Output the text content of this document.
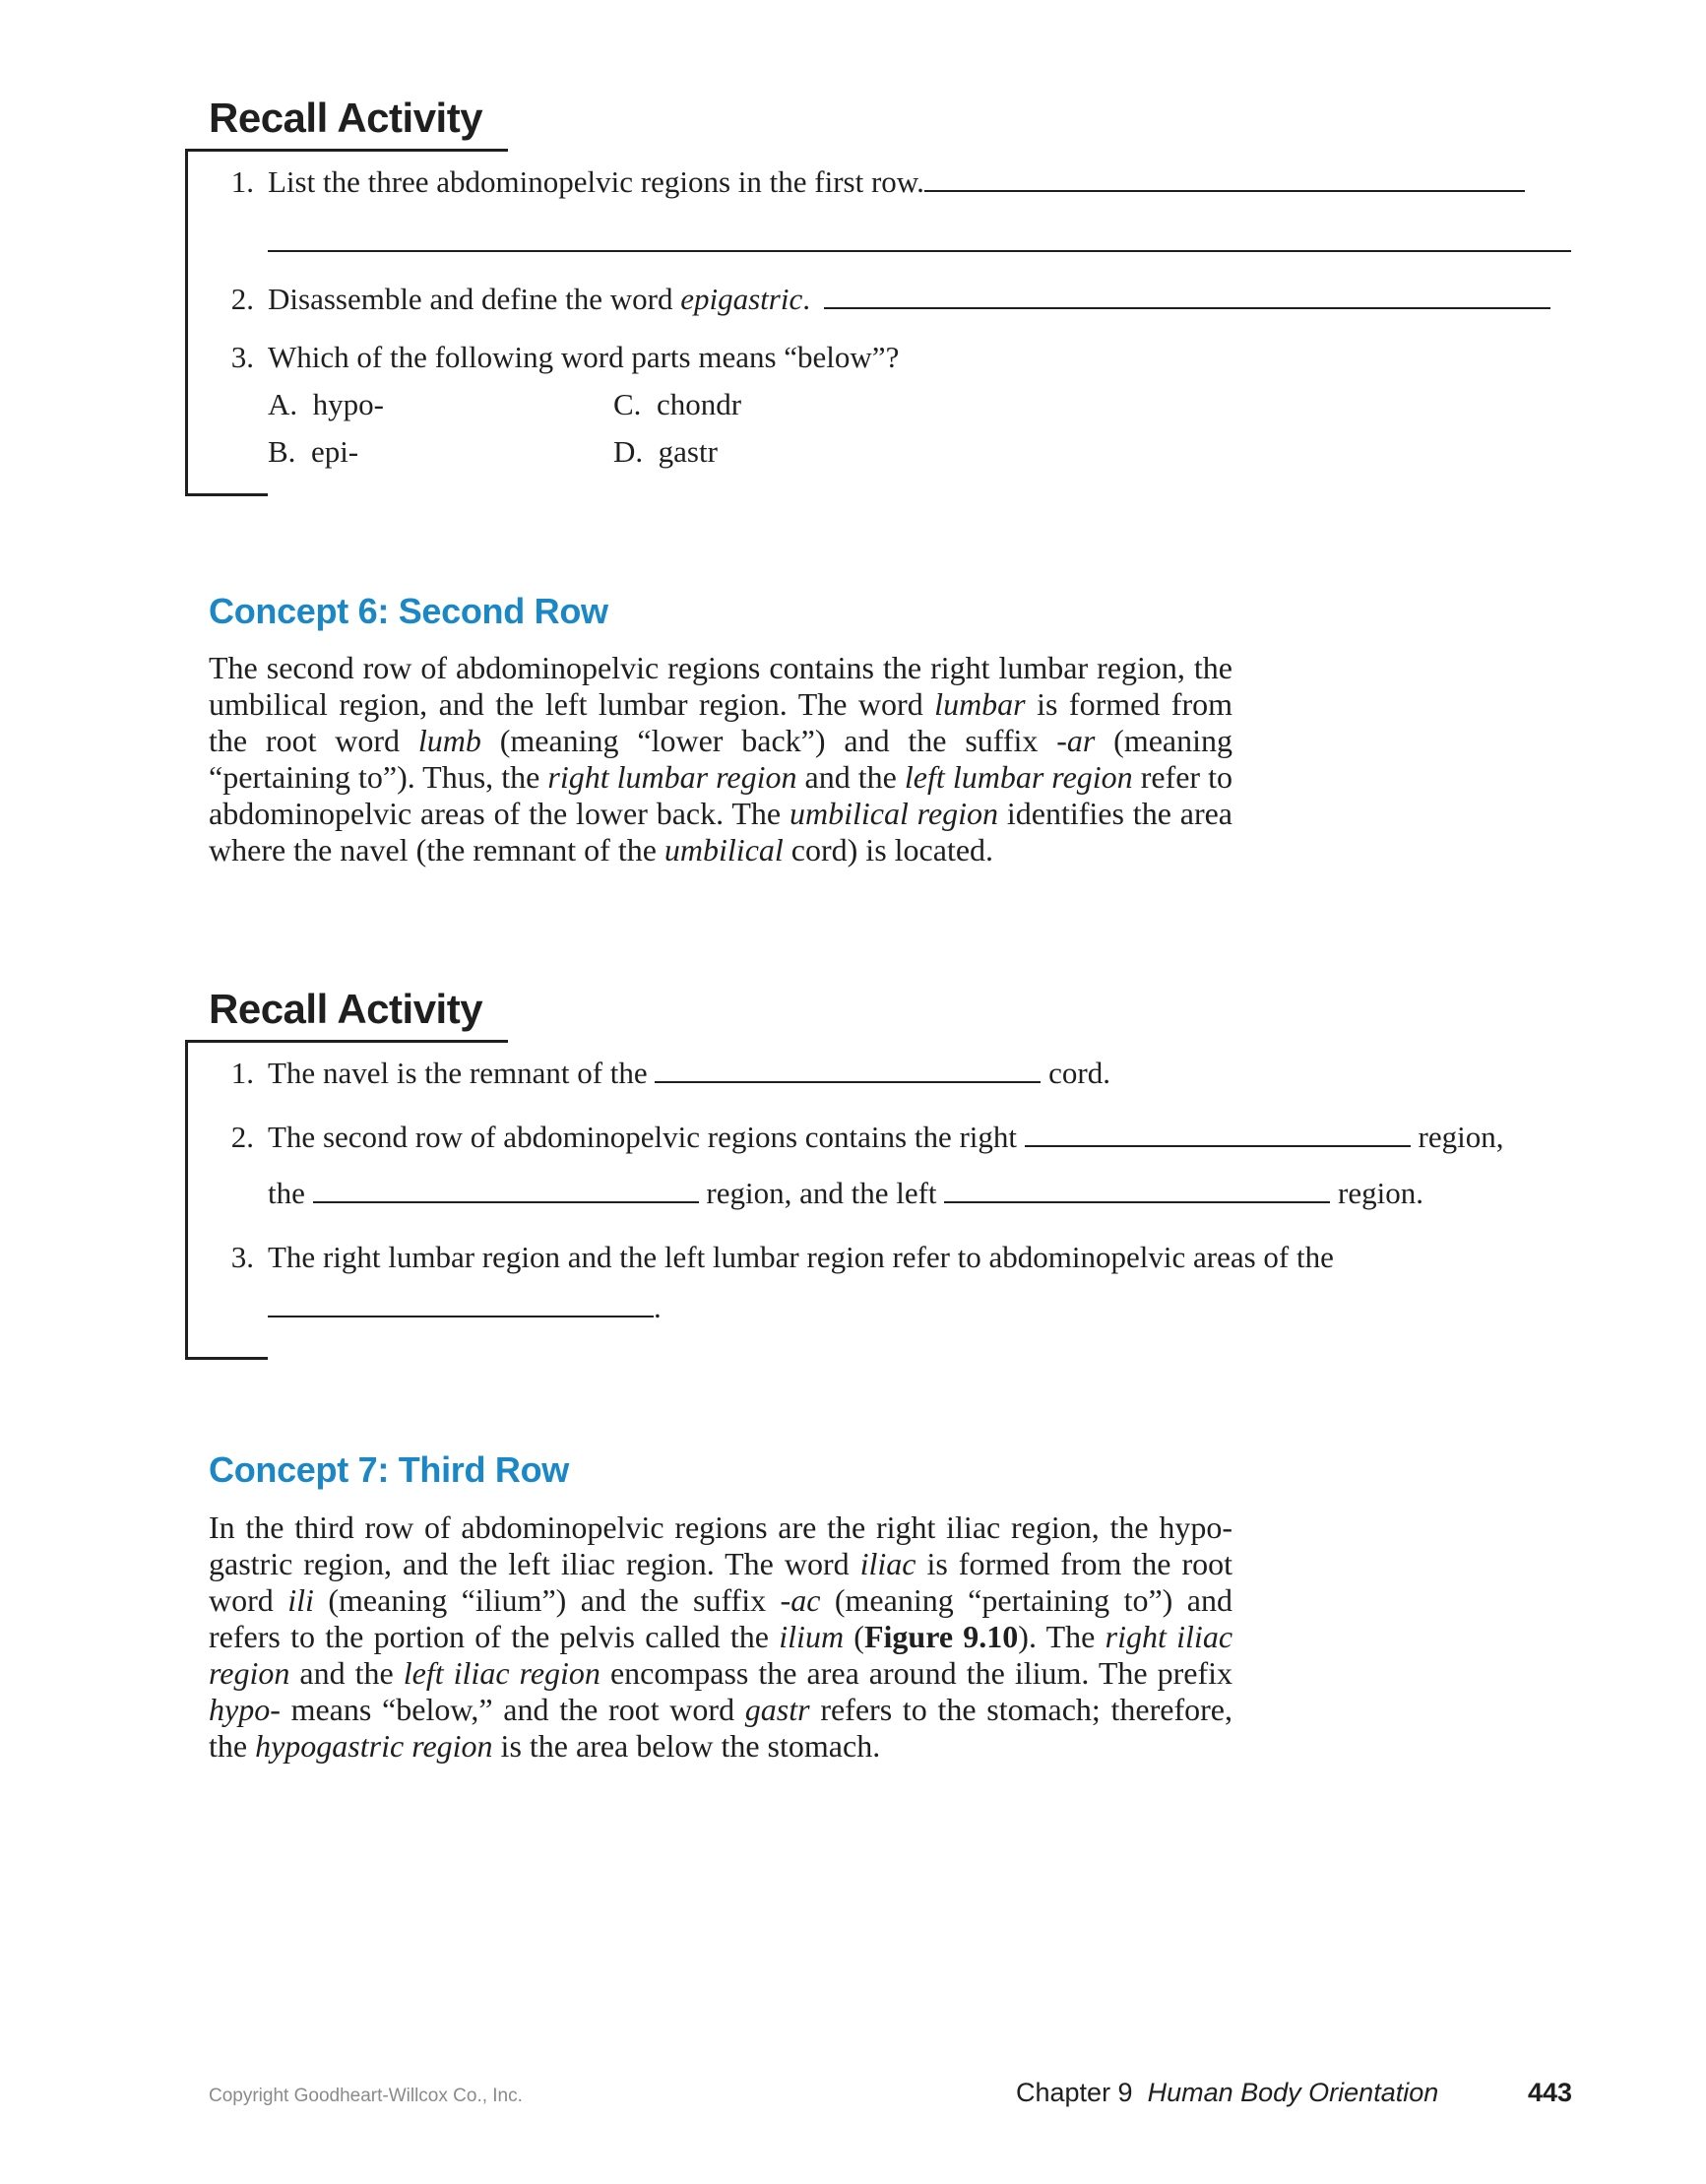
Recall Activity
1. List the three abdominopelvic regions in the first row.
2. Disassemble and define the word epigastric.
3. Which of the following word parts means “below”?
A. hypo-
B. epi-
C. chondr
D. gastr
Concept 6: Second Row

The second row of abdominopelvic regions contains the right lumbar region, the umbilical region, and the left lumbar region. The word lumbar is formed from the root word lumb (meaning “lower back”) and the suffix -ar (meaning “pertaining to”). Thus, the right lumbar region and the left lumbar region refer to abdominopelvic areas of the lower back. The umbilical region identifies the area where the navel (the remnant of the umbilical cord) is located.

Recall Activity
1. The navel is the remnant of the	cord.
2. The second row of abdominopelvic regions contains the right	region,
the	region, and the left	region.
3. The right lumbar region and the left lumbar region refer to abdominopelvic areas of the
.
Concept 7: Third Row

In the third row of abdominopelvic regions are the right iliac region, the hypogastric region, and the left iliac region. The word iliac is formed from the root word ili (meaning “ilium”) and the suffix -ac (meaning “pertaining to”) and refers to the portion of the pelvis called the ilium (Figure 9.10). The right iliac region and the left iliac region encompass the area around the ilium. The prefix hypo- means “below,” and the root word gastr refers to the stomach; therefore, the hypogastric region is the area below the stomach.

Copyright Goodheart-Willcox Co., Inc.	Chapter 9 Human Body Orientation	443
